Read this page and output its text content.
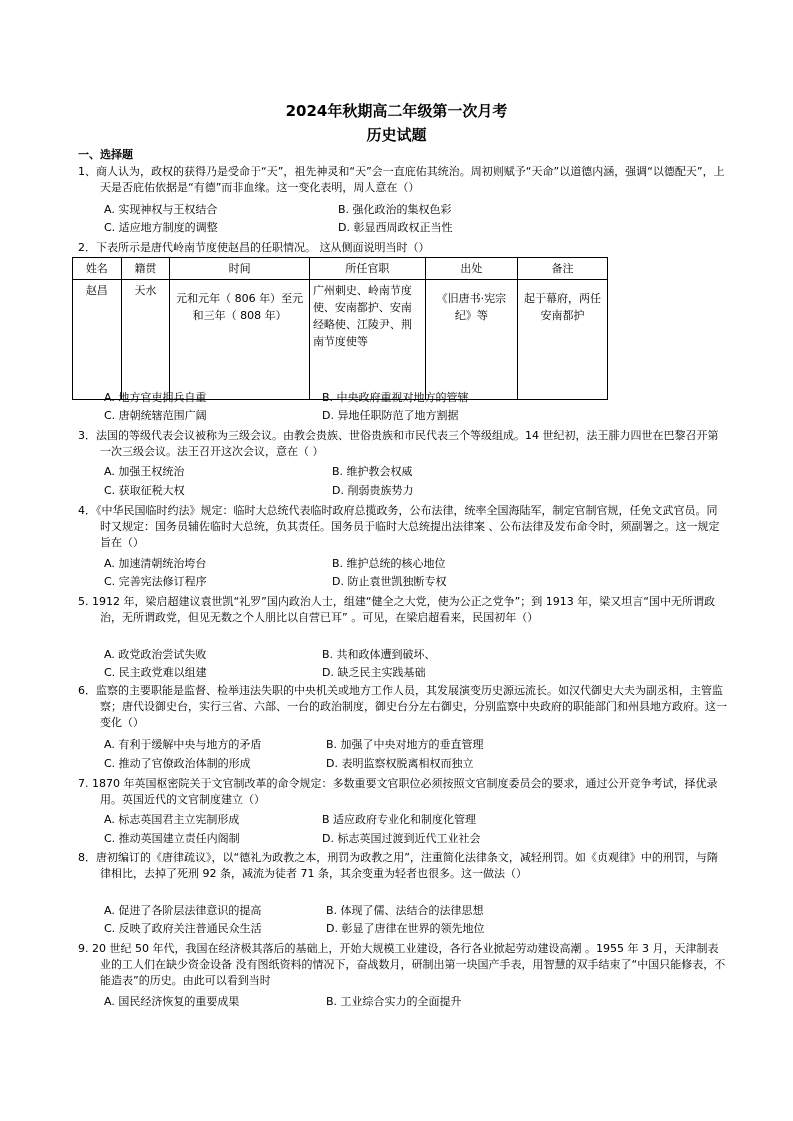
2024年秋期高二年级第一次月考
历史试题
一、选择题
1、商人认为，政权的获得乃是受命于“天”，祖先神灵和“天”会一直庇佑其统治。周初则赋予“天命”以道德内涵，强调“以德配天”，上天是否庇佑依据是“有德”而非血缘。这一变化表明，周人意在（）
A. 实现神权与王权结合	B. 强化政治的集权色彩
C. 适应地方制度的调整	D. 彰显西周政权正当性
2．下表所示是唐代岭南节度使赵昌的任职情况。 这从侧面说明当时（）
姓名	籍贯	时间	所任官职	出处	备注
赵昌	天水	元和元年（ 806 年）至元和三年（ 808 年）	广州刺史、岭南节度使、安南都护、安南经略使、江陵尹、荆南节度使等	《旧唐书·宪宗纪》等	起于幕府，两任安南都护
A. 地方官吏拥兵自重	B. 中央政府重视对地方的管辖
C. 唐朝统辖范围广阔	D. 异地任职防范了地方割据
3．法国的等级代表会议被称为三级会议。由教会贵族、世俗贵族和市民代表三个等级组成。14 世纪初，法王腓力四世在巴黎召开第一次三级会议。法王召开这次会议，意在（ ）
A. 加强王权统治	B. 维护教会权威
C. 获取征税大权	D. 削弱贵族势力
4．《中华民国临时约法》规定：临时大总统代表临时政府总揽政务，公布法律，统率全国海陆军，制定官制官规，任免文武官员。同时又规定：国务员辅佐临时大总统，负其责任。国务员于临时大总统提出法律案 、公布法律及发布命令时，须副署之。这一规定旨在（）
A. 加速清朝统治垮台	B. 维护总统的核心地位
C. 完善宪法修订程序	D. 防止袁世凯独断专权
5. 1912 年，梁启超建议袁世凯“礼罗”国内政治人士，组建“健全之大党，使为公正之党争”；到 1913 年，梁又坦言“国中无所谓政治，无所谓政党，但见无数之个人朋比以自营已耳” 。可见，在梁启超看来，民国初年（）
A. 政党政治尝试失败	B. 共和政体遭到破坏、
C. 民主政党难以组建	D. 缺乏民主实践基础
6．监察的主要职能是监督、检举违法失职的中央机关或地方工作人员，其发展演变历史源远流长。如汉代御史大夫为副丞相，主管监察；唐代设御史台，实行三省、六部、一台的政治制度，御史台分左右御史，分别监察中央政府的职能部门和州县地方政府。这一变化（）
A. 有利于缓解中央与地方的矛盾	B. 加强了中央对地方的垂直管理
C. 推动了官僚政治体制的形成	D. 表明监察权脱离相权而独立
7. 1870 年英国枢密院关于文官制改革的命令规定：多数重要文官职位必须按照文官制度委员会的要求，通过公开竞争考试，择优录用。英国近代的文官制度建立（）
A. 标志英国君主立宪制形成	B 适应政府专业化和制度化管理
C. 推动英国建立责任内阁制	D. 标志英国过渡到近代工业社会
8．唐初编订的《唐律疏议》，以“德礼为政教之本，刑罚为政教之用”，注重简化法律条文，减轻刑罚。如《贞观律》中的刑罚，与隋律相比，去掉了死刑 92 条，减流为徒者 71 条，其余变重为轻者也很多。这一做法（）
A. 促进了各阶层法律意识的提高	B. 体现了儒、法结合的法律思想
C. 反映了政府关注普通民众生活	D. 彰显了唐律在世界的领先地位
9. 20 世纪 50 年代，我国在经济极其落后的基础上，开始大规模工业建设，各行各业掀起劳动建设高潮 。1955 年 3 月，天津制表业的工人们在缺少资金设备 没有图纸资料的情况下，奋战数月，研制出第一块国产手表，用智慧的双手结束了“中国只能修表，不能造表”的历史。由此可以看到当时
A. 国民经济恢复的重要成果	B. 工业综合实力的全面提升
